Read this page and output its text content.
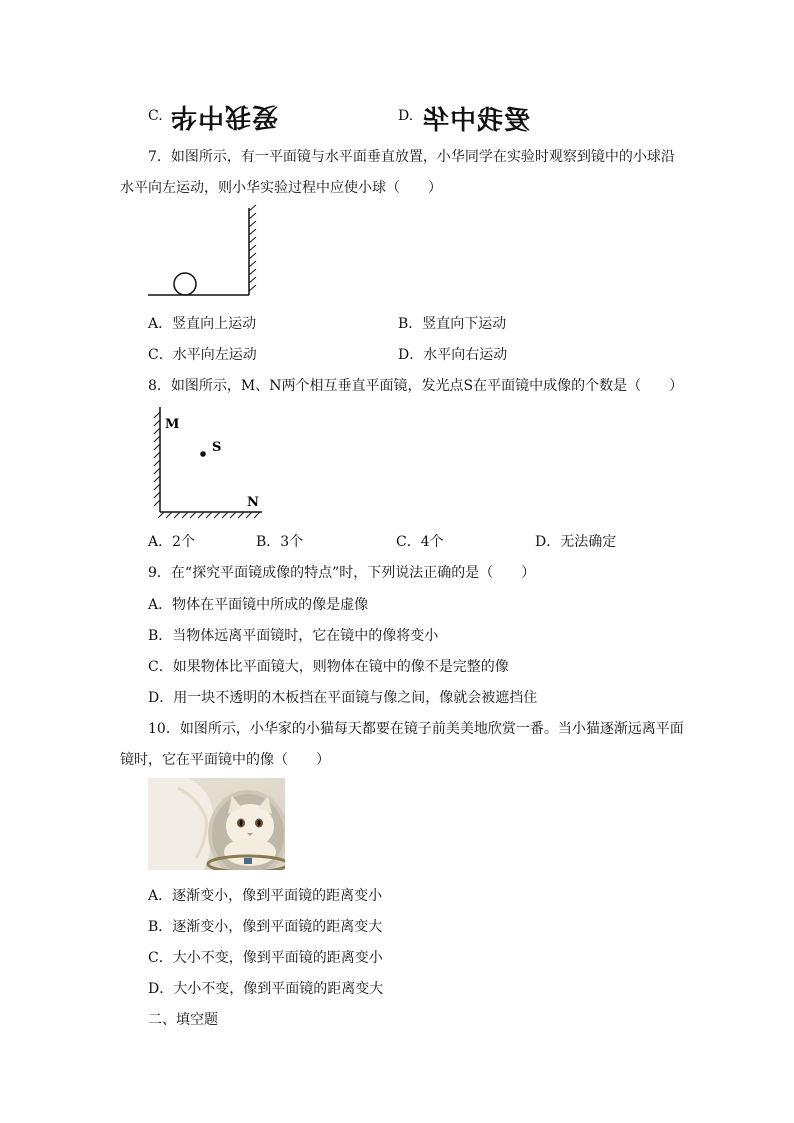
C. 爱我中华	D. 爱我中华
7．如图所示，有一平面镜与水平面垂直放置，小华同学在实验时观察到镜中的小球沿
水平向左运动，则小华实验过程中应使小球（　　）
A．竖直向上运动	B．竖直向下运动
C．水平向左运动	D．水平向右运动
8．如图所示，M、N两个相互垂直平面镜，发光点S在平面镜中成像的个数是（　　）
M
S
N
A．2个	B．3个	C．4个	D．无法确定
9．在“探究平面镜成像的特点”时，下列说法正确的是（　　）
A．物体在平面镜中所成的像是虚像
B．当物体远离平面镜时，它在镜中的像将变小
C．如果物体比平面镜大，则物体在镜中的像不是完整的像
D．用一块不透明的木板挡在平面镜与像之间，像就会被遮挡住
10．如图所示，小华家的小猫每天都要在镜子前美美地欣赏一番。当小猫逐渐远离平面
镜时，它在平面镜中的像（　　）
A．逐渐变小，像到平面镜的距离变小
B．逐渐变小，像到平面镜的距离变大
C．大小不变，像到平面镜的距离变小
D．大小不变，像到平面镜的距离变大
二、填空题
